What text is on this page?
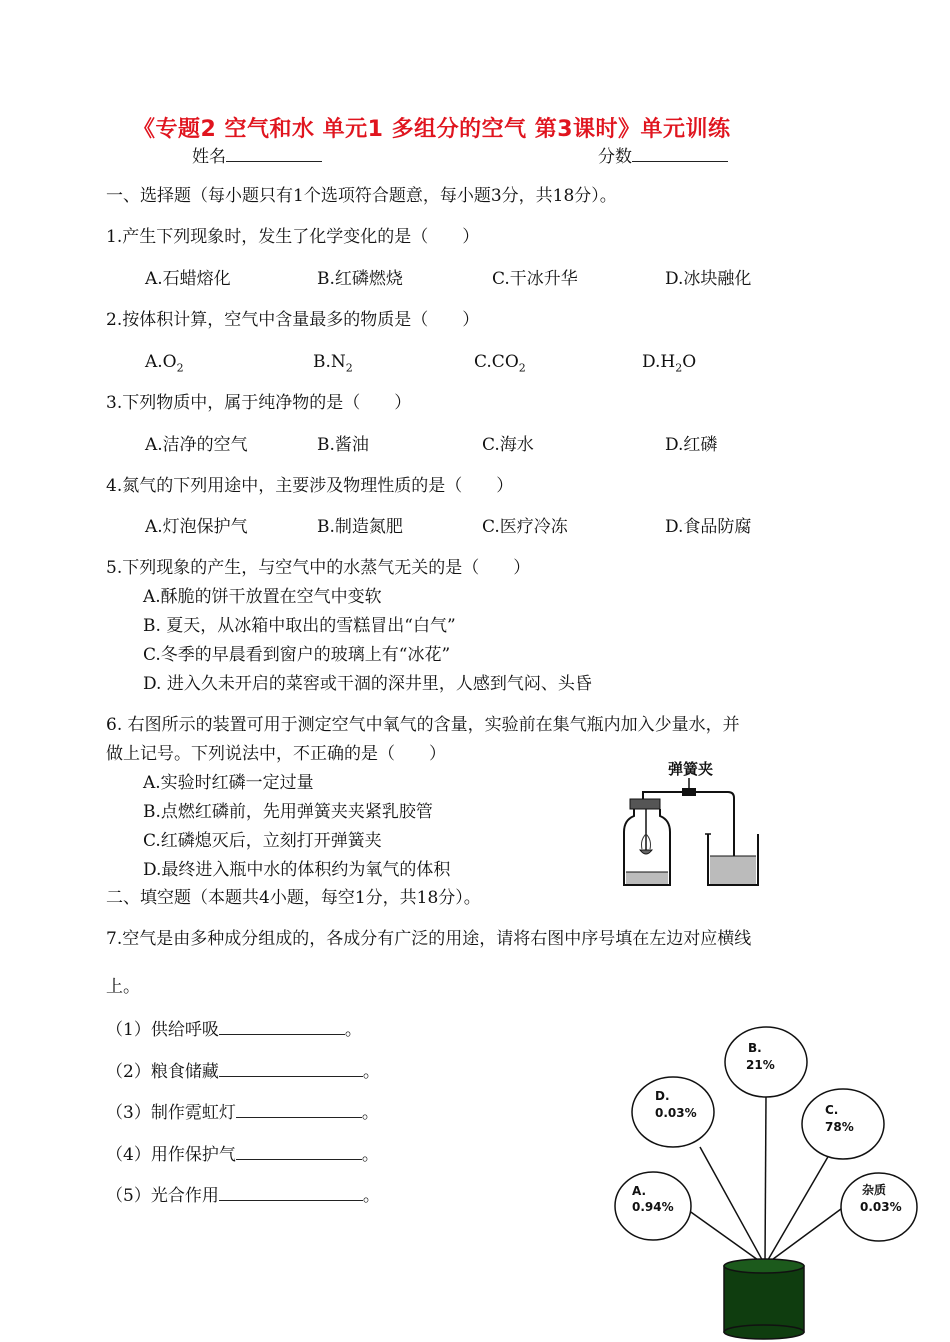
《专题2 空气和水 单元1 多组分的空气 第3课时》单元训练
姓名	分数
一、选择题（每小题只有1个选项符合题意，每小题3分，共18分）。
1.产生下列现象时，发生了化学变化的是（　　）
A.石蜡熔化	B.红磷燃烧	C.干冰升华	D.冰块融化
2.按体积计算，空气中含量最多的物质是（　　）
$A.O_2$	$B.N_2$	$C.CO_2$	$D.H_2O$
3.下列物质中，属于纯净物的是（　　）
A.洁净的空气	B.酱油	C.海水	D.红磷
4.氮气的下列用途中，主要涉及物理性质的是（　　）
A.灯泡保护气	B.制造氮肥	C.医疗冷冻	D.食品防腐
5.下列现象的产生，与空气中的水蒸气无关的是（　　）
A.酥脆的饼干放置在空气中变软
B. 夏天，从冰箱中取出的雪糕冒出“白气”
C.冬季的早晨看到窗户的玻璃上有“冰花”
D. 进入久未开启的菜窖或干涸的深井里，人感到气闷、头昏
6. 右图所示的装置可用于测定空气中氧气的含量，实验前在集气瓶内加入少量水，并
做上记号。下列说法中，不正确的是（　　）
A.实验时红磷一定过量
B.点燃红磷前，先用弹簧夹夹紧乳胶管
C.红磷熄灭后，立刻打开弹簧夹
D.最终进入瓶中水的体积约为氧气的体积
弹簧夹
二、填空题（本题共4小题，每空1分，共18分）。
7.空气是由多种成分组成的，各成分有广泛的用途，请将右图中序号填在左边对应横线
上。
（1）供给呼吸	。
（2）粮食储藏	。
（3）制作霓虹灯	。
（4）用作保护气	。
（5）光合作用	。
B.
21%
D.
0.03%	C.
78%
A.
0.94%
杂质
0.03%
